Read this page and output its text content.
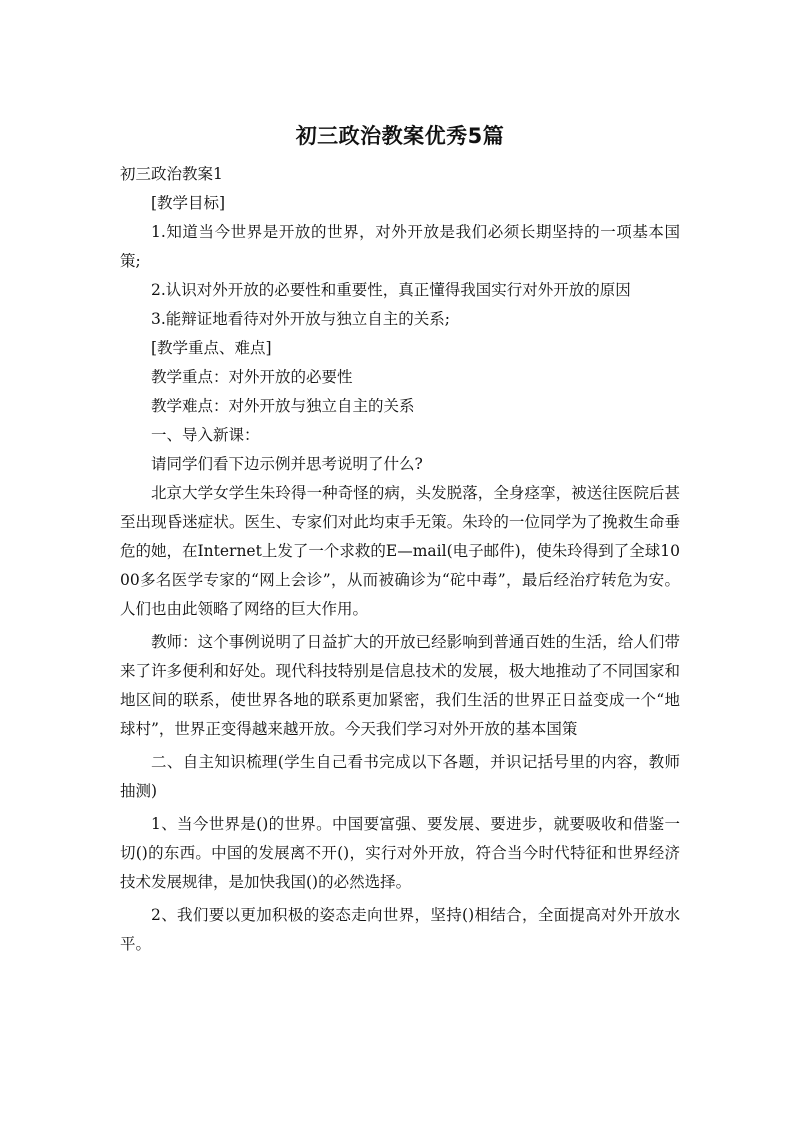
初三政治教案优秀5篇

初三政治教案1

[教学目标]

1.知道当今世界是开放的世界，对外开放是我们必须长期坚持的一项基本国策;

2.认识对外开放的必要性和重要性，真正懂得我国实行对外开放的原因

3.能辩证地看待对外开放与独立自主的关系;

[教学重点、难点]

教学重点：对外开放的必要性

教学难点：对外开放与独立自主的关系

一、导入新课：

请同学们看下边示例并思考说明了什么?

北京大学女学生朱玲得一种奇怪的病，头发脱落，全身痉挛，被送往医院后甚至出现昏迷症状。医生、专家们对此均束手无策。朱玲的一位同学为了挽救生命垂危的她，在Internet上发了一个求救的E—mail(电子邮件)，使朱玲得到了全球1000多名医学专家的“网上会诊”，从而被确诊为“砣中毒”，最后经治疗转危为安。人们也由此领略了网络的巨大作用。

教师：这个事例说明了日益扩大的开放已经影响到普通百姓的生活，给人们带来了许多便利和好处。现代科技特别是信息技术的发展，极大地推动了不同国家和地区间的联系，使世界各地的联系更加紧密，我们生活的世界正日益变成一个“地球村”，世界正变得越来越开放。今天我们学习对外开放的基本国策

二、自主知识梳理(学生自己看书完成以下各题，并识记括号里的内容，教师抽测)

1、当今世界是()的世界。中国要富强、要发展、要进步，就要吸收和借鉴一切()的东西。中国的发展离不开()，实行对外开放，符合当今时代特征和世界经济技术发展规律，是加快我国()的必然选择。

2、我们要以更加积极的姿态走向世界，坚持()相结合，全面提高对外开放水平。
